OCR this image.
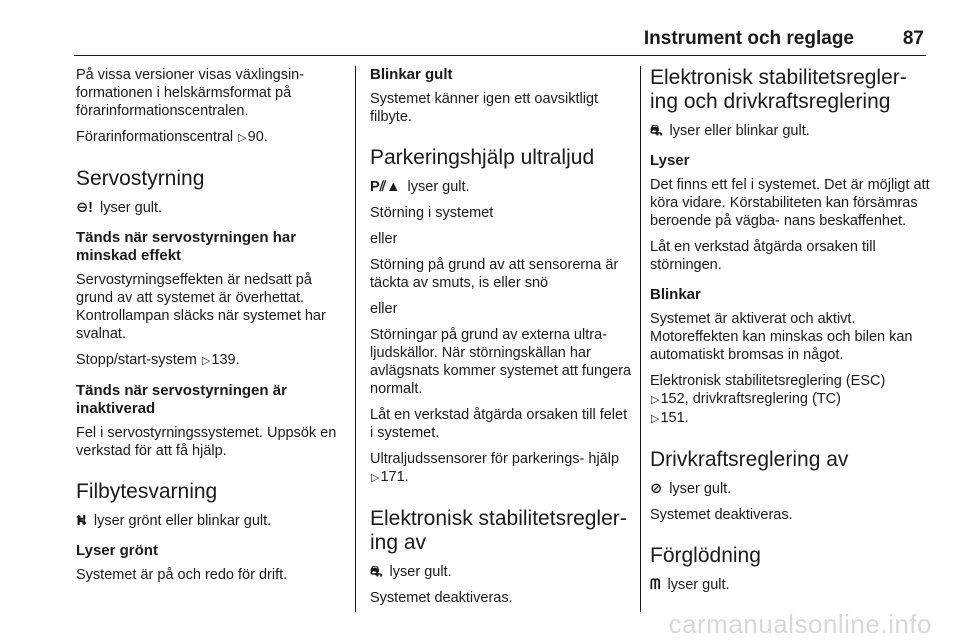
Instrument och reglage	87

På vissa versioner visas växlingsin- formationen i helskärmsformat på förarinformationscentralen.

Förarinformationscentral ▷90.

Servostyrning

⊖! lyser gult.

Tänds när servostyrningen har minskad effekt

Servostyrningseffekten är nedsatt på grund av att systemet är överhettat. Kontrollampan släcks när systemet har svalnat.

Stopp/start-system ▷139.

Tänds när servostyrningen är inaktiverad

Fel i servostyrningssystemet. Uppsök en verkstad för att få hjälp.

Filbytesvarning

⛕ lyser grönt eller blinkar gult.

Lyser grönt

Systemet är på och redo för drift.

Blinkar gult

Systemet känner igen ett oavsiktligt filbyte.

Parkeringshjälp ultraljud

P⫽▲ lyser gult.

Störning i systemet

eller

Störning på grund av att sensorerna är täckta av smuts, is eller snö

eller

Störningar på grund av externa ultra- ljudskällor. När störningskällan har avlägsnats kommer systemet att fungera normalt.

Låt en verkstad åtgärda orsaken till felet i systemet.

Ultraljudssensorer för parkerings- hjälp ▷171.

Elektronisk stabilitetsregler- ing av

⛐ lyser gult.

Systemet deaktiveras.

Elektronisk stabilitetsregler- ing och drivkraftsreglering

⛐ lyser eller blinkar gult.

Lyser

Det finns ett fel i systemet. Det är möjligt att köra vidare. Körstabiliteten kan försämras beroende på vägba- nans beskaffenhet.

Låt en verkstad åtgärda orsaken till störningen.

Blinkar

Systemet är aktiverat och aktivt. Motoreffekten kan minskas och bilen kan automatiskt bromsas in något.

Elektronisk stabilitetsreglering (ESC)
▷152, drivkraftsreglering (TC)
▷151.

Drivkraftsreglering av

⊘ lyser gult.

Systemet deaktiveras.

Förglödning

ᗰ lyser gult.

carmanualsonline.info
